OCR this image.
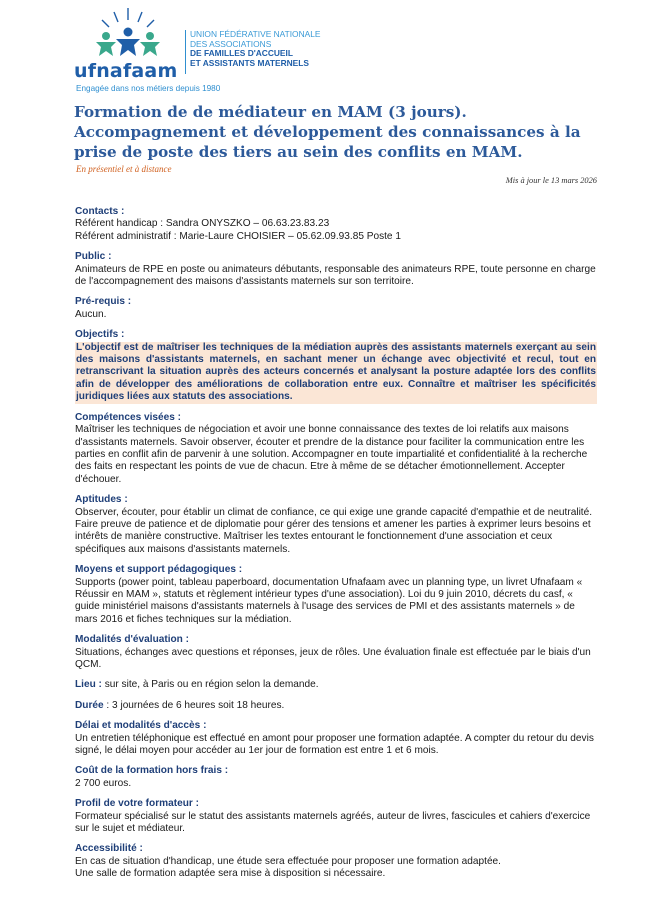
ufnafaam
UNION FÉDÉRATIVE NATIONALE
DES ASSOCIATIONS
DE FAMILLES D'ACCUEIL
ET ASSISTANTS MATERNELS
Engagée dans nos métiers depuis 1980
Formation de de médiateur en MAM (3 jours).
Accompagnement et développement des connaissances à la
prise de poste des tiers au sein des conflits en MAM.
En présentiel et à distance
Mis à jour le 13 mars 2026
Contacts :
Référent handicap : Sandra ONYSZKO – 06.63.23.83.23
Référent administratif : Marie-Laure CHOISIER – 05.62.09.93.85 Poste 1
Public :
Animateurs de RPE en poste ou animateurs débutants, responsable des animateurs RPE, toute personne en charge de l'accompagnement des maisons d'assistants maternels sur son territoire.
Pré-requis :
Aucun.
Objectifs :
L'objectif est de maîtriser les techniques de la médiation auprès des assistants maternels exerçant au sein des maisons d'assistants maternels, en sachant mener un échange avec objectivité et recul, tout en retranscrivant la situation auprès des acteurs concernés et analysant la posture adaptée lors des conflits afin de développer des améliorations de collaboration entre eux. Connaître et maîtriser les spécificités juridiques liées aux statuts des associations.
Compétences visées :
Maîtriser les techniques de négociation et avoir une bonne connaissance des textes de loi relatifs aux maisons d'assistants maternels. Savoir observer, écouter et prendre de la distance pour faciliter la communication entre les parties en conflit afin de parvenir à une solution. Accompagner en toute impartialité et confidentialité à la recherche des faits en respectant les points de vue de chacun. Etre à même de se détacher émotionnellement. Accepter d'échouer.
Aptitudes :
Observer, écouter, pour établir un climat de confiance, ce qui exige une grande capacité d'empathie et de neutralité. Faire preuve de patience et de diplomatie pour gérer des tensions et amener les parties à exprimer leurs besoins et intérêts de manière constructive. Maîtriser les textes entourant le fonctionnement d'une association et ceux spécifiques aux maisons d'assistants maternels.
Moyens et support pédagogiques :
Supports (power point, tableau paperboard, documentation Ufnafaam avec un planning type, un livret Ufnafaam « Réussir en MAM », statuts et règlement intérieur types d'une association). Loi du 9 juin 2010, décrets du casf, « guide ministériel maisons d'assistants maternels à l'usage des services de PMI et des assistants maternels » de mars 2016 et fiches techniques sur la médiation.
Modalités d'évaluation :
Situations, échanges avec questions et réponses, jeux de rôles. Une évaluation finale est effectuée par le biais d'un QCM.
Lieu : sur site, à Paris ou en région selon la demande.
Durée : 3 journées de 6 heures soit 18 heures.
Délai et modalités d'accès :
Un entretien téléphonique est effectué en amont pour proposer une formation adaptée. A compter du retour du devis signé, le délai moyen pour accéder au 1er jour de formation est entre 1 et 6 mois.
Coût de la formation hors frais :
2 700 euros.
Profil de votre formateur :
Formateur spécialisé sur le statut des assistants maternels agréés, auteur de livres, fascicules et cahiers d'exercice sur le sujet et médiateur.
Accessibilité :
En cas de situation d'handicap, une étude sera effectuée pour proposer une formation adaptée.
Une salle de formation adaptée sera mise à disposition si nécessaire.
